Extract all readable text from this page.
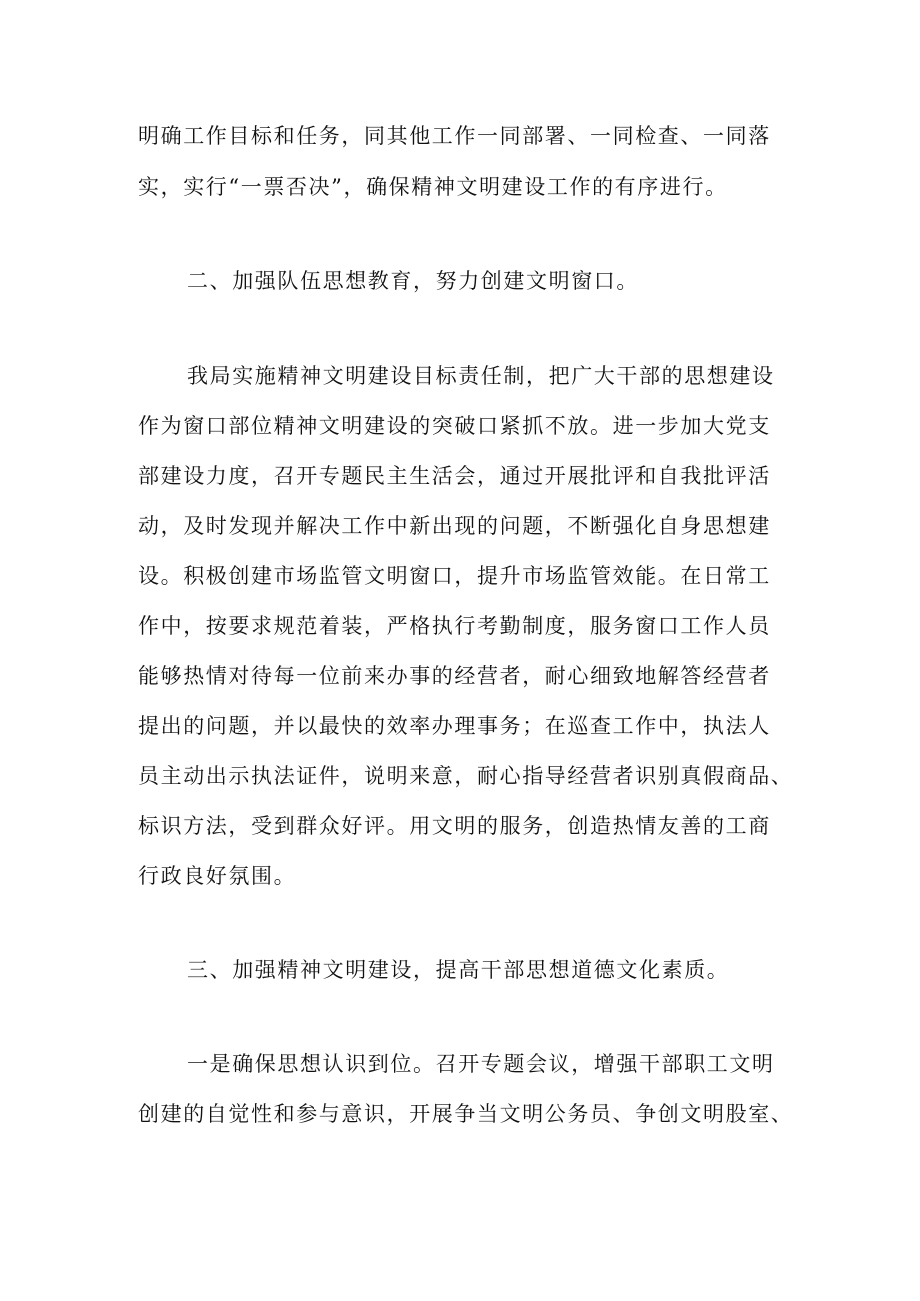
明确工作目标和任务，同其他工作一同部署、一同检查、一同落
实，实行“一票否决”，确保精神文明建设工作的有序进行。
二、加强队伍思想教育，努力创建文明窗口。
我局实施精神文明建设目标责任制，把广大干部的思想建设
作为窗口部位精神文明建设的突破口紧抓不放。进一步加大党支
部建设力度，召开专题民主生活会，通过开展批评和自我批评活
动，及时发现并解决工作中新出现的问题，不断强化自身思想建
设。积极创建市场监管文明窗口，提升市场监管效能。在日常工
作中，按要求规范着装，严格执行考勤制度，服务窗口工作人员
能够热情对待每一位前来办事的经营者，耐心细致地解答经营者
提出的问题，并以最快的效率办理事务；在巡查工作中，执法人
员主动出示执法证件，说明来意，耐心指导经营者识别真假商品、
标识方法，受到群众好评。用文明的服务，创造热情友善的工商
行政良好氛围。
三、加强精神文明建设，提高干部思想道德文化素质。
一是确保思想认识到位。召开专题会议，增强干部职工文明
创建的自觉性和参与意识，开展争当文明公务员、争创文明股室、
